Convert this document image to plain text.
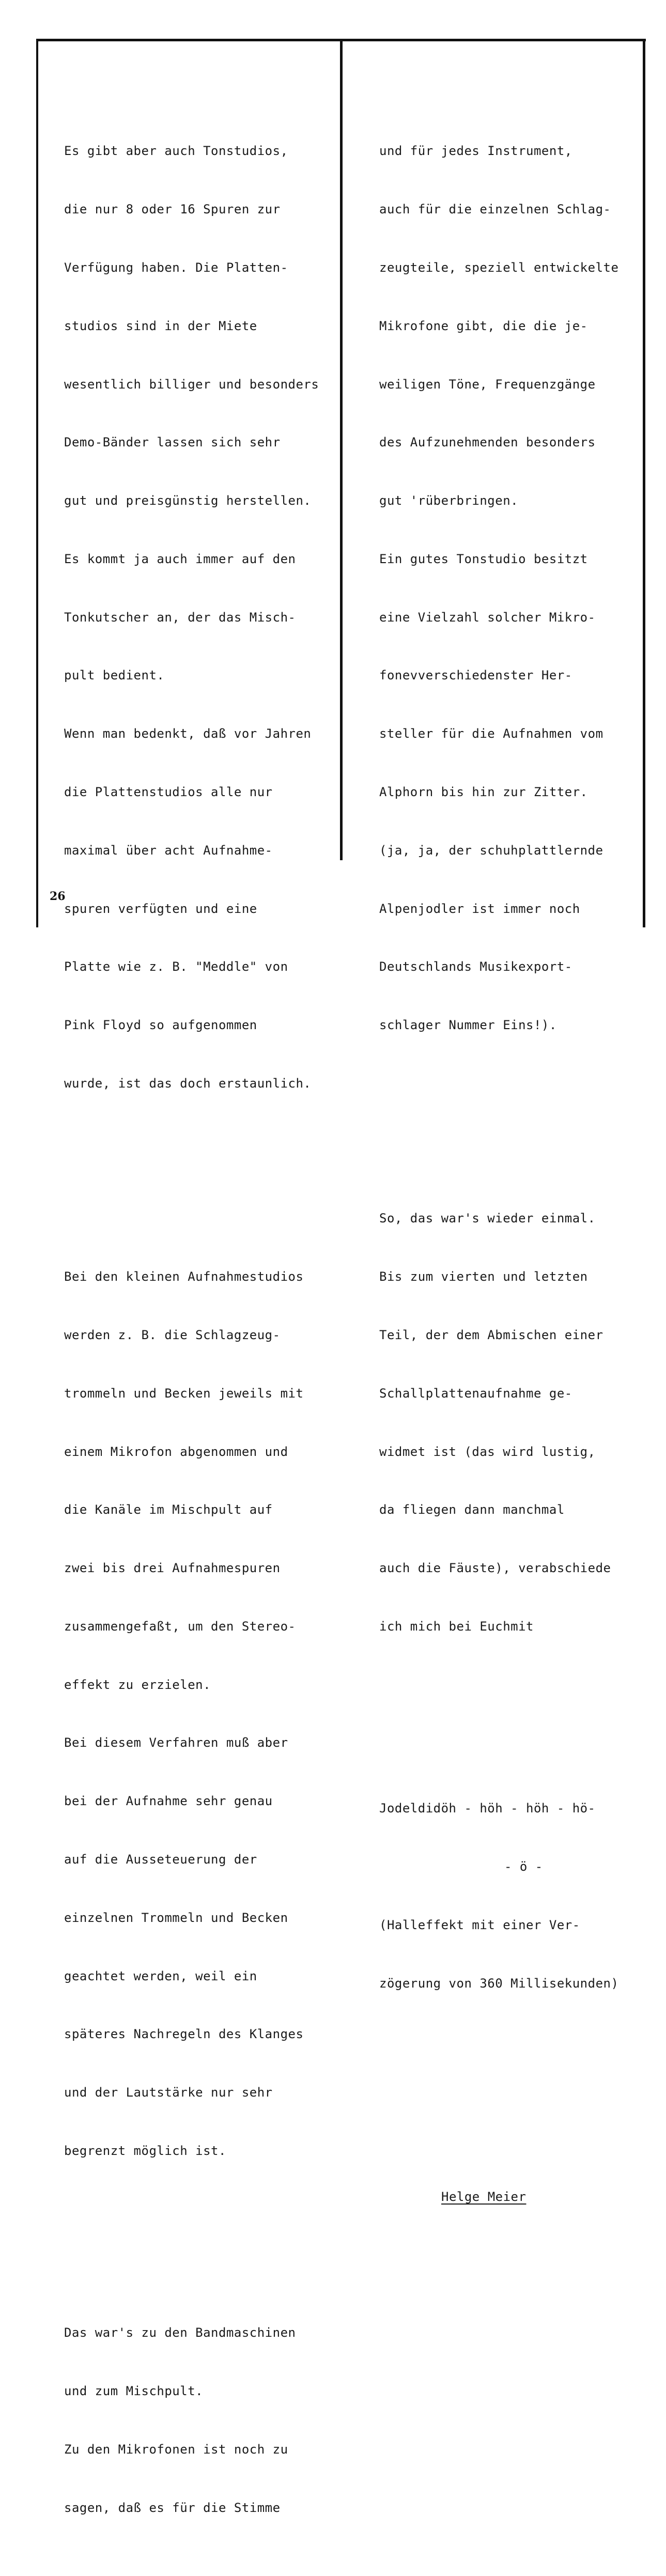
Es gibt aber auch Tonstudios,

die nur 8 oder 16 Spuren zur

Verfügung haben. Die Platten-

studios sind in der Miete

wesentlich billiger und besonders

Demo-Bänder lassen sich sehr

gut und preisgünstig herstellen.

Es kommt ja auch immer auf den

Tonkutscher an, der das Misch-

pult bedient.

Wenn man bedenkt, daß vor Jahren

die Plattenstudios alle nur

maximal über acht Aufnahme-

spuren verfügten und eine

Platte wie z. B. "Meddle" von

Pink Floyd so aufgenommen

wurde, ist das doch erstaunlich.

Bei den kleinen Aufnahmestudios

werden z. B. die Schlagzeug-

trommeln und Becken jeweils mit

einem Mikrofon abgenommen und

die Kanäle im Mischpult auf

zwei bis drei Aufnahmespuren

zusammengefaßt, um den Stereo-

effekt zu erzielen.

Bei diesem Verfahren muß aber

bei der Aufnahme sehr genau

auf die Ausseteuerung der

einzelnen Trommeln und Becken

geachtet werden, weil ein

späteres Nachregeln des Klanges

und der Lautstärke nur sehr

begrenzt möglich ist.

Das war's zu den Bandmaschinen

und zum Mischpult.

Zu den Mikrofonen ist noch zu

sagen, daß es für die Stimme

und für jedes Instrument,

auch für die einzelnen Schlag-

zeugteile, speziell entwickelte

Mikrofone gibt, die die je-

weiligen Töne, Frequenzgänge

des Aufzunehmenden besonders

gut 'rüberbringen.

Ein gutes Tonstudio besitzt

eine Vielzahl solcher Mikro-

fonevverschiedenster Her-

steller für die Aufnahmen vom

Alphorn bis hin zur Zitter.

(ja, ja, der schuhplattlernde

Alpenjodler ist immer noch

Deutschlands Musikexport-

schlager Nummer Eins!).

So, das war's wieder einmal.

Bis zum vierten und letzten

Teil, der dem Abmischen einer

Schallplattenaufnahme ge-

widmet ist (das wird lustig,

da fliegen dann manchmal

auch die Fäuste), verabschiede

ich mich bei Euchmit

Jodeldidöh - höh - höh - hö-

- ö -

(Halleffekt mit einer Ver-

zögerung von 360 Millisekunden)

Helge Meier

26
